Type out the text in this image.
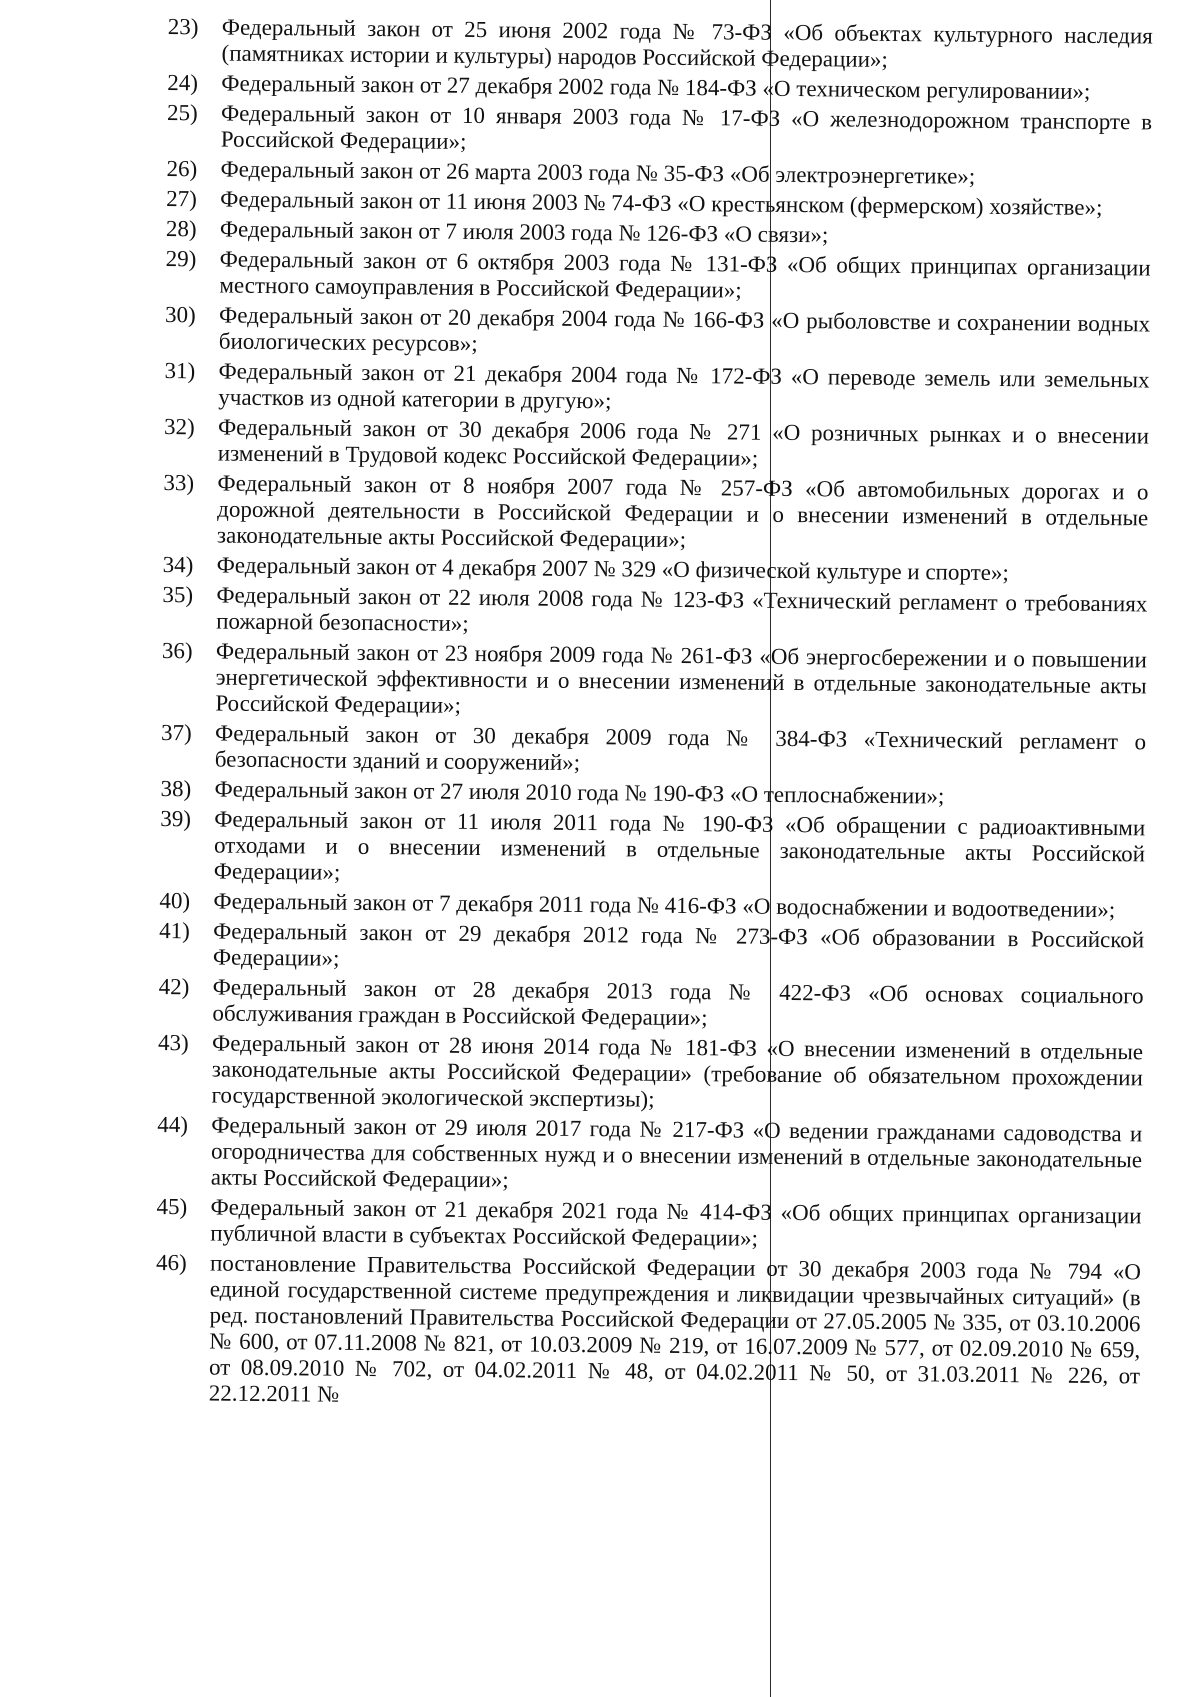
23)	Федеральный закон от 25 июня 2002 года № 73-ФЗ «Об объектах культурного наследия (памятниках истории и культуры) народов Российской Федерации»;
24)	Федеральный закон от 27 декабря 2002 года № 184-ФЗ «О техническом регулировании»;
25)	Федеральный закон от 10 января 2003 года № 17-ФЗ «О железнодорожном транспорте в Российской Федерации»;
26)	Федеральный закон от 26 марта 2003 года № 35-ФЗ «Об электроэнергетике»;
27)	Федеральный закон от 11 июня 2003 № 74-ФЗ «О крестьянском (фермерском) хозяйстве»;
28)	Федеральный закон от 7 июля 2003 года № 126-ФЗ «О связи»;
29)	Федеральный закон от 6 октября 2003 года № 131-ФЗ «Об общих принципах организации местного самоуправления в Российской Федерации»;
30)	Федеральный закон от 20 декабря 2004 года № 166-ФЗ «О рыболовстве и сохранении водных биологических ресурсов»;
31)	Федеральный закон от 21 декабря 2004 года № 172-ФЗ «О переводе земель или земельных участков из одной категории в другую»;
32)	Федеральный закон от 30 декабря 2006 года № 271 «О розничных рынках и о внесении изменений в Трудовой кодекс Российской Федерации»;
33)	Федеральный закон от 8 ноября 2007 года № 257-ФЗ «Об автомобильных дорогах и о дорожной деятельности в Российской Федерации и о внесении изменений в отдельные законодательные акты Российской Федерации»;
34)	Федеральный закон от 4 декабря 2007 № 329 «О физической культуре и спорте»;
35)	Федеральный закон от 22 июля 2008 года № 123-ФЗ «Технический регламент о требованиях пожарной безопасности»;
36)	Федеральный закон от 23 ноября 2009 года № 261-ФЗ «Об энергосбережении и о повышении энергетической эффективности и о внесении изменений в отдельные законодательные акты Российской Федерации»;
37)	Федеральный закон от 30 декабря 2009 года № 384-ФЗ «Технический регламент о безопасности зданий и сооружений»;
38)	Федеральный закон от 27 июля 2010 года № 190-ФЗ «О теплоснабжении»;
39)	Федеральный закон от 11 июля 2011 года № 190-ФЗ «Об обращении с радиоактивными отходами и о внесении изменений в отдельные законодательные акты Российской Федерации»;
40)	Федеральный закон от 7 декабря 2011 года № 416-ФЗ «О водоснабжении и водоотведении»;
41)	Федеральный закон от 29 декабря 2012 года № 273-ФЗ «Об образовании в Российской Федерации»;
42)	Федеральный закон от 28 декабря 2013 года № 422-ФЗ «Об основах социального обслуживания граждан в Российской Федерации»;
43)	Федеральный закон от 28 июня 2014 года № 181-ФЗ «О внесении изменений в отдельные законодательные акты Российской Федерации» (требование об обязательном прохождении государственной экологической экспертизы);
44)	Федеральный закон от 29 июля 2017 года № 217-ФЗ «О ведении гражданами садоводства и огородничества для собственных нужд и о внесении изменений в отдельные законодательные акты Российской Федерации»;
45)	Федеральный закон от 21 декабря 2021 года № 414-ФЗ «Об общих принципах организации публичной власти в субъектах Российской Федерации»;
46)	постановление Правительства Российской Федерации от 30 декабря 2003 года № 794 «О единой государственной системе предупреждения и ликвидации чрезвычайных ситуаций» (в ред. постановлений Правительства Российской Федерации от 27.05.2005 № 335, от 03.10.2006 № 600, от 07.11.2008 № 821, от 10.03.2009 № 219, от 16.07.2009 № 577, от 02.09.2010 № 659, от 08.09.2010 № 702, от 04.02.2011 № 48, от 04.02.2011 № 50, от 31.03.2011 № 226, от 22.12.2011 №
